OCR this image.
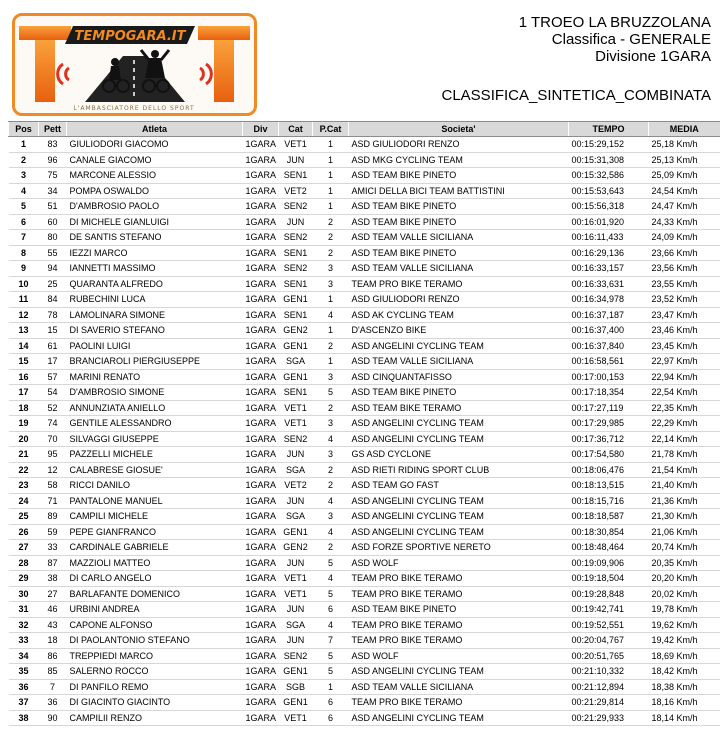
TEMPOGARA.IT
L'AMBASCIATORE DELLO SPORT
1 TROEO LA BRUZZOLANA
Classifica - GENERALE
Divisione 1GARA
CLASSIFICA_SINTETICA_COMBINATA
Pos	Pett	Atleta	Div	Cat	P.Cat	Societa'	TEMPO	MEDIA
1	83	GIULIODORI GIACOMO	1GARA	VET1	1	ASD GIULIODORI RENZO	00:15:29,152	25,18 Km/h
2	96	CANALE GIACOMO	1GARA	JUN	1	ASD MKG CYCLING TEAM	00:15:31,308	25,13 Km/h
3	75	MARCONE ALESSIO	1GARA	SEN1	1	ASD TEAM BIKE PINETO	00:15:32,586	25,09 Km/h
4	34	POMPA OSWALDO	1GARA	VET2	1	AMICI DELLA BICI TEAM BATTISTINI	00:15:53,643	24,54 Km/h
5	51	D'AMBROSIO PAOLO	1GARA	SEN2	1	ASD TEAM BIKE PINETO	00:15:56,318	24,47 Km/h
6	60	DI MICHELE GIANLUIGI	1GARA	JUN	2	ASD TEAM BIKE PINETO	00:16:01,920	24,33 Km/h
7	80	DE SANTIS STEFANO	1GARA	SEN2	2	ASD TEAM VALLE SICILIANA	00:16:11,433	24,09 Km/h
8	55	IEZZI MARCO	1GARA	SEN1	2	ASD TEAM BIKE PINETO	00:16:29,136	23,66 Km/h
9	94	IANNETTI MASSIMO	1GARA	SEN2	3	ASD TEAM VALLE SICILIANA	00:16:33,157	23,56 Km/h
10	25	QUARANTA ALFREDO	1GARA	SEN1	3	TEAM PRO BIKE TERAMO	00:16:33,631	23,55 Km/h
11	84	RUBECHINI LUCA	1GARA	GEN1	1	ASD GIULIODORI RENZO	00:16:34,978	23,52 Km/h
12	78	LAMOLINARA SIMONE	1GARA	SEN1	4	ASD AK CYCLING TEAM	00:16:37,187	23,47 Km/h
13	15	DI SAVERIO STEFANO	1GARA	GEN2	1	D'ASCENZO BIKE	00:16:37,400	23,46 Km/h
14	61	PAOLINI LUIGI	1GARA	GEN1	2	ASD ANGELINI CYCLING TEAM	00:16:37,840	23,45 Km/h
15	17	BRANCIAROLI PIERGIUSEPPE	1GARA	SGA	1	ASD TEAM VALLE SICILIANA	00:16:58,561	22,97 Km/h
16	57	MARINI RENATO	1GARA	GEN1	3	ASD CINQUANTAFISSO	00:17:00,153	22,94 Km/h
17	54	D'AMBROSIO SIMONE	1GARA	SEN1	5	ASD TEAM BIKE PINETO	00:17:18,354	22,54 Km/h
18	52	ANNUNZIATA ANIELLO	1GARA	VET1	2	ASD TEAM BIKE TERAMO	00:17:27,119	22,35 Km/h
19	74	GENTILE ALESSANDRO	1GARA	VET1	3	ASD ANGELINI CYCLING TEAM	00:17:29,985	22,29 Km/h
20	70	SILVAGGI GIUSEPPE	1GARA	SEN2	4	ASD ANGELINI CYCLING TEAM	00:17:36,712	22,14 Km/h
21	95	PAZZELLI MICHELE	1GARA	JUN	3	GS ASD CYCLONE	00:17:54,580	21,78 Km/h
22	12	CALABRESE GIOSUE'	1GARA	SGA	2	ASD RIETI RIDING SPORT CLUB	00:18:06,476	21,54 Km/h
23	58	RICCI DANILO	1GARA	VET2	2	ASD TEAM GO FAST	00:18:13,515	21,40 Km/h
24	71	PANTALONE MANUEL	1GARA	JUN	4	ASD ANGELINI CYCLING TEAM	00:18:15,716	21,36 Km/h
25	89	CAMPILI MICHELE	1GARA	SGA	3	ASD ANGELINI CYCLING TEAM	00:18:18,587	21,30 Km/h
26	59	PEPE GIANFRANCO	1GARA	GEN1	4	ASD ANGELINI CYCLING TEAM	00:18:30,854	21,06 Km/h
27	33	CARDINALE GABRIELE	1GARA	GEN2	2	ASD FORZE SPORTIVE NERETO	00:18:48,464	20,74 Km/h
28	87	MAZZIOLI MATTEO	1GARA	JUN	5	ASD WOLF	00:19:09,906	20,35 Km/h
29	38	DI CARLO ANGELO	1GARA	VET1	4	TEAM PRO BIKE TERAMO	00:19:18,504	20,20 Km/h
30	27	BARLAFANTE DOMENICO	1GARA	VET1	5	TEAM PRO BIKE TERAMO	00:19:28,848	20,02 Km/h
31	46	URBINI ANDREA	1GARA	JUN	6	ASD TEAM BIKE PINETO	00:19:42,741	19,78 Km/h
32	43	CAPONE ALFONSO	1GARA	SGA	4	TEAM PRO BIKE TERAMO	00:19:52,551	19,62 Km/h
33	18	DI PAOLANTONIO STEFANO	1GARA	JUN	7	TEAM PRO BIKE TERAMO	00:20:04,767	19,42 Km/h
34	86	TREPPIEDI MARCO	1GARA	SEN2	5	ASD WOLF	00:20:51,765	18,69 Km/h
35	85	SALERNO ROCCO	1GARA	GEN1	5	ASD ANGELINI CYCLING TEAM	00:21:10,332	18,42 Km/h
36	7	DI PANFILO REMO	1GARA	SGB	1	ASD TEAM VALLE SICILIANA	00:21:12,894	18,38 Km/h
37	36	DI GIACINTO GIACINTO	1GARA	GEN1	6	TEAM PRO BIKE TERAMO	00:21:29,814	18,16 Km/h
38	90	CAMPILII RENZO	1GARA	VET1	6	ASD ANGELINI CYCLING TEAM	00:21:29,933	18,14 Km/h
